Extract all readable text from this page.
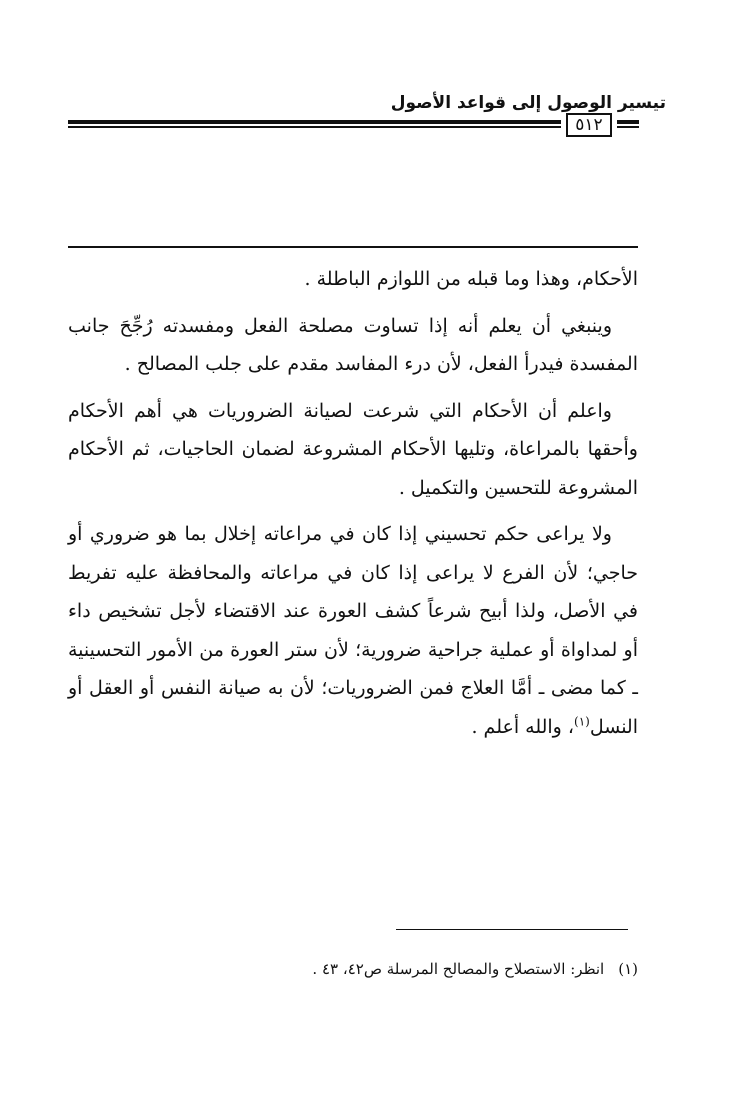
تيسير الوصول إلى قواعد الأصول
٥١٢

الأحكام، وهذا وما قبله من اللوازم الباطلة .

وينبغي أن يعلم أنه إذا تساوت مصلحة الفعل ومفسدته رُجِّحَ جانب المفسدة فيدرأ الفعل، لأن درء المفاسد مقدم على جلب المصالح .

واعلم أن الأحكام التي شرعت لصيانة الضروريات هي أهم الأحكام وأحقها بالمراعاة، وتليها الأحكام المشروعة لضمان الحاجيات، ثم الأحكام المشروعة للتحسين والتكميل .

ولا يراعى حكم تحسيني إذا كان في مراعاته إخلال بما هو ضروري أو حاجي؛ لأن الفرع لا يراعى إذا كان في مراعاته والمحافظة عليه تفريط في الأصل، ولذا أبيح شرعاً كشف العورة عند الاقتضاء لأجل تشخيص داء أو لمداواة أو عملية جراحية ضرورية؛ لأن ستر العورة من الأمور التحسينية ـ كما مضى ـ أمَّا العلاج فمن الضروريات؛ لأن به صيانة النفس أو العقل أو النسل$^{(١)}$، والله أعلم .

(١)انظر: الاستصلاح والمصالح المرسلة ص٤٢، ٤٣ .
